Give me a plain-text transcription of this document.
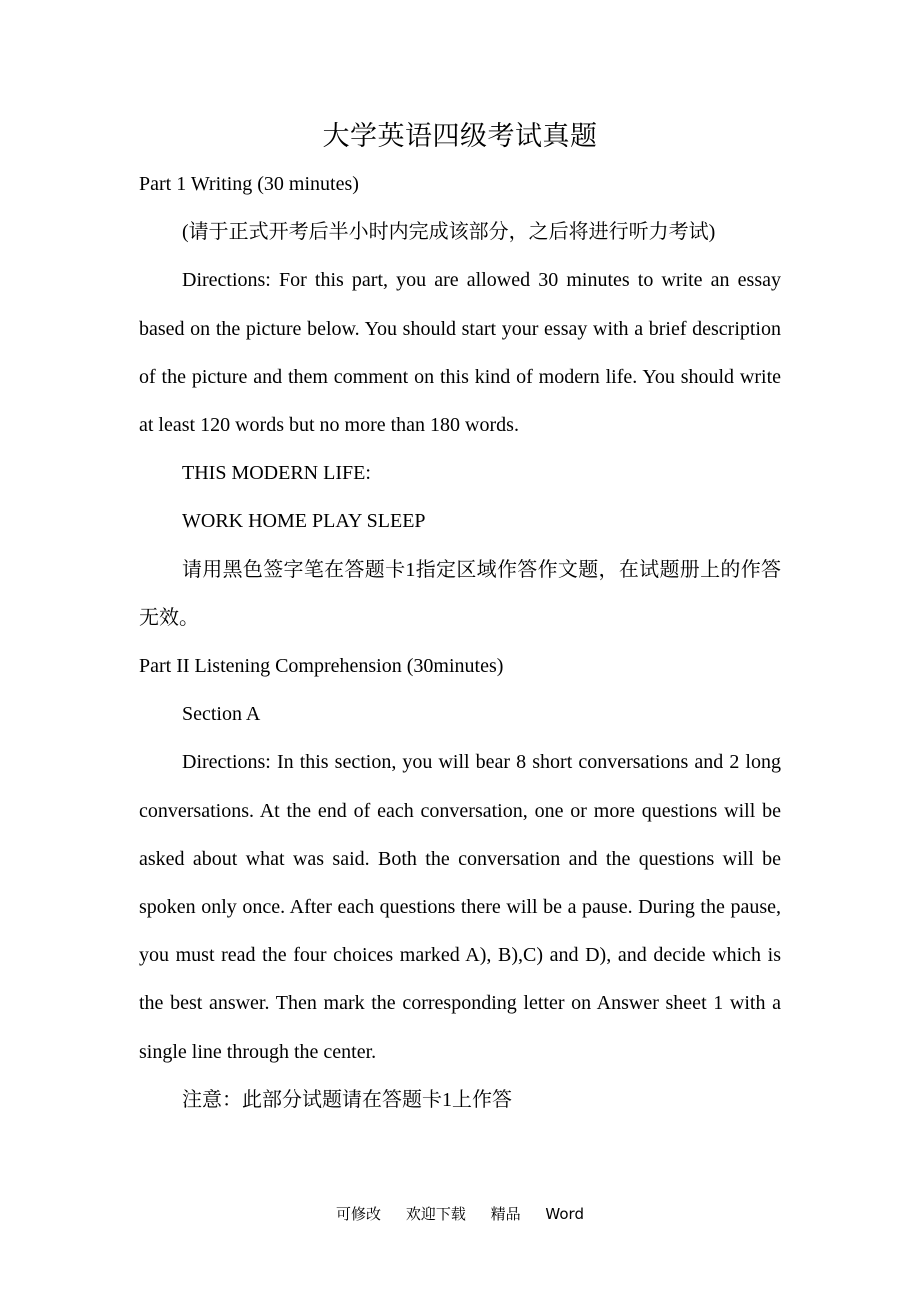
大学英语四级考试真题

Part 1 Writing (30 minutes)

(请于正式开考后半小时内完成该部分，之后将进行听力考试)

Directions: For this part, you are allowed 30 minutes to write an essay based on the picture below. You should start your essay with a brief description of the picture and them comment on this kind of modern life. You should write at least 120 words but no more than 180 words.

THIS MODERN LIFE:

WORK HOME PLAY SLEEP

请用黑色签字笔在答题卡1指定区域作答作文题，在试题册上的作答无效。

Part II Listening Comprehension (30minutes)

Section A

Directions: In this section, you will bear 8 short conversations and 2 long conversations. At the end of each conversation, one or more questions will be asked about what was said. Both the conversation and the questions will be spoken only once. After each questions there will be a pause. During the pause, you must read the four choices marked A), B),C) and D), and decide which is the best answer. Then mark the corresponding letter on Answer sheet 1 with a single line through the center.

注意：此部分试题请在答题卡1上作答

可修改 欢迎下载 精品 Word
